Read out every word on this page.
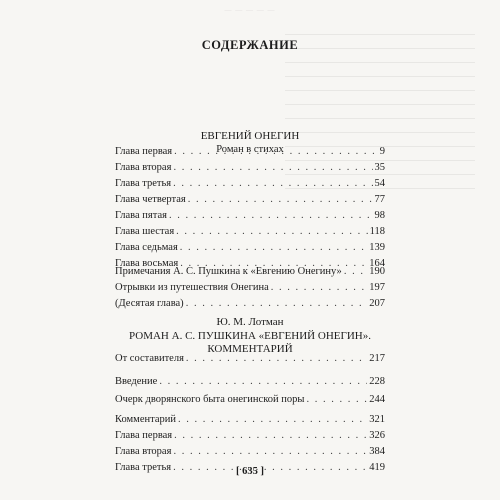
— — — — —
СОДЕРЖАНИЕ
ЕВГЕНИЙ ОНЕГИН
Роман в стихах
Глава первая . . .	9
Глава вторая . . .	35
Глава третья . . .	54
Глава четвертая . . .	77
Глава пятая . . .	98
Глава шестая . . .	118
Глава седьмая . . .	139
Глава восьмая . . .	164
Примечания А. С. Пушкина к «Евгению Онегину» . . .	190
Отрывки из путешествия Онегина . . .	197
(Десятая глава) . . .	207
Ю. М. Лотман
РОМАН А. С. ПУШКИНА «ЕВГЕНИЙ ОНЕГИН».
КОММЕНТАРИЙ
От составителя . . .	217
Введение . . .	228
Очерк дворянского быта онегинской поры . . .	244
Комментарий . . .	321
Глава первая . . .	326
Глава вторая . . .	384
Глава третья . . .	419
[ 635 ]
